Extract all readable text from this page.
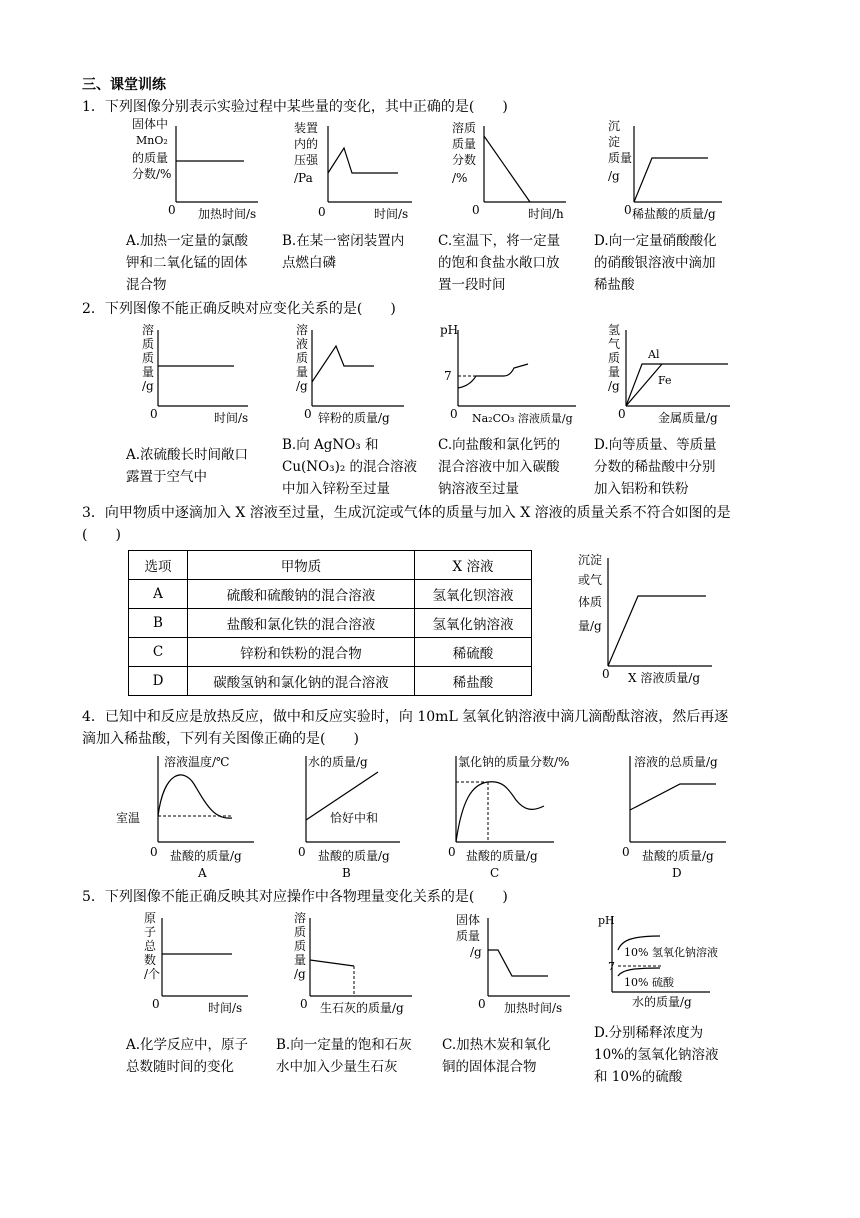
三、课堂训练
1．下列图像分别表示实验过程中某些量的变化，其中正确的是(　　)
固体中
MnO₂
的质量
分数/%
0 加热时间/s
装置
内的
压强
/Pa
0	时间/s
溶质
质量
分数
/%
0	时间/h
沉
淀
质量
/g
0 稀盐酸的质量/g
A.加热一定量的氯酸
钾和二氧化锰的固体
混合物
B.在某一密闭装置内
点燃白磷
C.室温下，将一定量
的饱和食盐水敞口放
置一段时间
D.向一定量硝酸酸化
的硝酸银溶液中滴加
稀盐酸
2．下列图像不能正确反映对应变化关系的是(　　)
溶
质
质
量
/g
0	时间/s
溶
液
质
量
/g
0 锌粉的质量/g
pH
7
0 Na₂CO₃ 溶液质量/g
氢
气
质
量
/g
Al
Fe
0	金属质量/g
A.浓硫酸长时间敞口
露置于空气中
B.向 AgNO₃ 和
Cu(NO₃)₂ 的混合溶液
中加入锌粉至过量
C.向盐酸和氯化钙的
混合溶液中加入碳酸
钠溶液至过量
D.向等质量、等质量
分数的稀盐酸中分别
加入铝粉和铁粉
3．向甲物质中逐滴加入 X 溶液至过量，生成沉淀或气体的质量与加入 X 溶液的质量关系不符合如图的是
(　　)
选项	甲物质	X 溶液
A	硫酸和硫酸钠的混合溶液	氢氧化钡溶液
B	盐酸和氯化铁的混合溶液	氢氧化钠溶液
C	锌粉和铁粉的混合物	稀硫酸
D	碳酸氢钠和氯化钠的混合溶液	稀盐酸
沉淀
或气
体质
量/g
0 X 溶液质量/g
4．已知中和反应是放热反应，做中和反应实验时，向 10mL 氢氧化钠溶液中滴几滴酚酞溶液，然后再逐
滴加入稀盐酸，下列有关图像正确的是(　　)
溶液温度/℃
室温
0 盐酸的质量/g
A
水的质量/g
恰好中和
0 盐酸的质量/g
B
氯化钠的质量分数/%
0 盐酸的质量/g
C
溶液的总质量/g
0 盐酸的质量/g
D
5．下列图像不能正确反映其对应操作中各物理量变化关系的是(　　)
原
子
总
数
/个
0	时间/s
溶
质
质
量
/g
0 生石灰的质量/g
固体
质量
/g
0 加热时间/s
pH
7
10% 氢氧化钠溶液
10% 硫酸
水的质量/g
A.化学反应中，原子
总数随时间的变化
B.向一定量的饱和石灰
水中加入少量生石灰
C.加热木炭和氧化
铜的固体混合物
D.分别稀释浓度为
10%的氢氧化钠溶液
和 10%的硫酸
